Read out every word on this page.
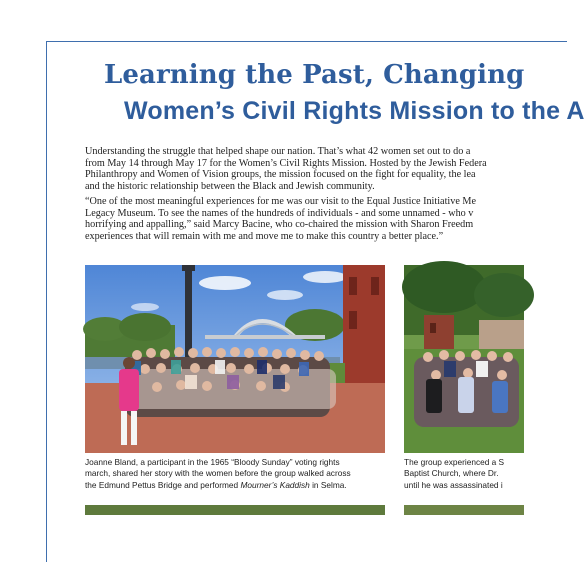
Learning the Past, Changing
Women’s Civil Rights Mission to the A
Understanding the struggle that helped shape our nation. That’s what 42 women set out to do a
from May 14 through May 17 for the Women’s Civil Rights Mission. Hosted by the Jewish Federa
Philanthropy and Women of Vision groups, the mission focused on the fight for equality, the lea
and the historic relationship between the Black and Jewish community.
“One of the most meaningful experiences for me was our visit to the Equal Justice Initiative Me
Legacy Museum. To see the names of the hundreds of individuals - and some unnamed - who v
horrifying and appalling,” said Marcy Bacine, who co-chaired the mission with Sharon Freedm
experiences that will remain with me and move me to make this country a better place.”
Joanne Bland, a participant in the 1965 “Bloody Sunday” voting rights
march, shared her story with the women before the group walked across
the Edmund Pettus Bridge and performed Mourner’s Kaddish in Selma.
The group experienced a S
Baptist Church, where Dr.
until he was assassinated i
